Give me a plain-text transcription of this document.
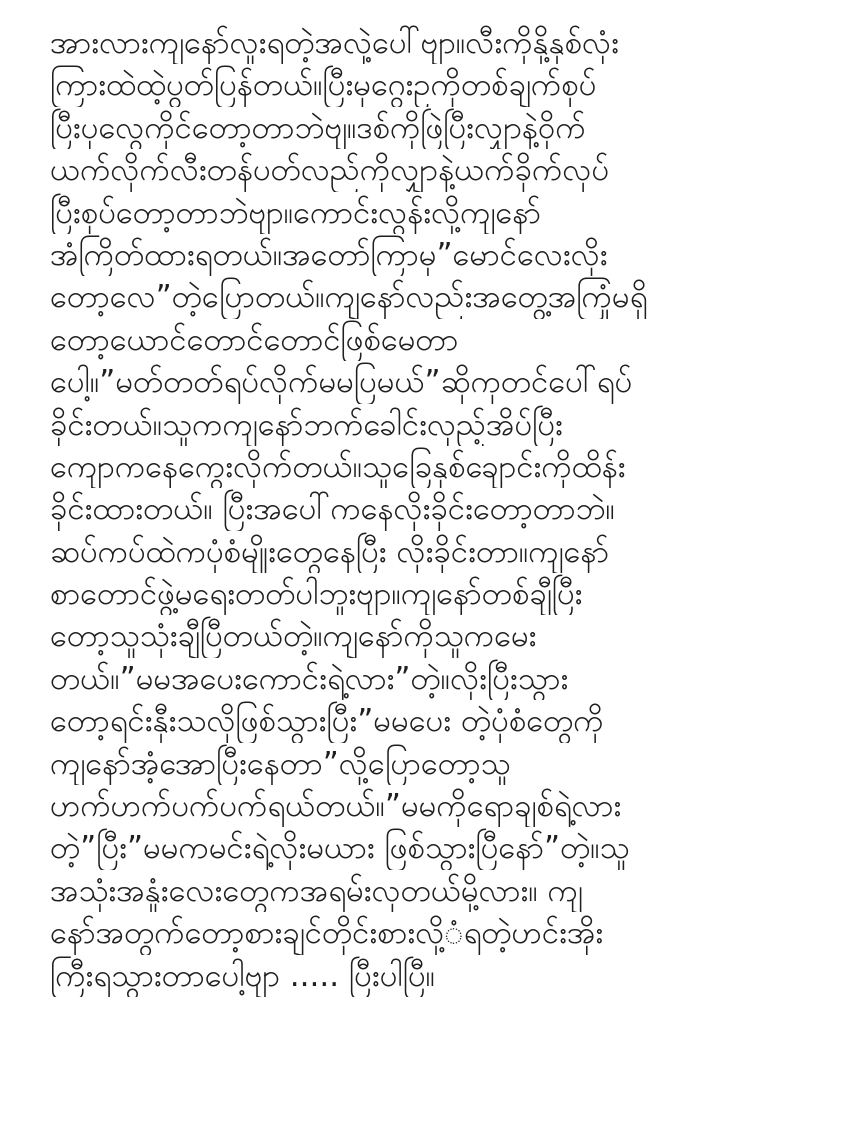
အားလားကျနော်လူးရတဲ့အလှဲ့ပေါ်ဗျာ။လီးကိုနို့နှစ်လုံး
ကြားထဲထဲ့ပွတ်ပြန်တယ်။ပြီးမှဂွေးဥကိုတစ်ချက်စုပ်
ပြီးပုလွေကိုင်တော့တာဘဲဗျ။ဒစ်ကိုဖြဲပြီးလျှာနဲ့ဝိုက်
ယက်လိုက်လီးတန်ပတ်လည်ကိုလျှာနဲ့ယက်ခိုက်လုပ်
ပြီးစုပ်တော့တာဘဲဗျာ။ကောင်းလွန်းလို့ကျနော်
အံကြိတ်ထားရတယ်။အတော်ကြာမှ”မောင်လေးလိုး
တော့လေ”တဲ့ပြောတယ်။ကျနော်လည်းအတွေ့အကြုံမရှိ
တော့ယောင်တောင်တောင်ဖြစ်မေတာ
ပေါ့။”မတ်တတ်ရပ်လိုက်မမပြမယ်”ဆိုကုတင်ပေါ်ရပ်
ခိုင်းတယ်။သူကကျနော်ဘက်ခေါင်းလှည့်အိပ်ပြီး
ကျောကနေကွေးလိုက်တယ်။သူခြေနှစ်ချောင်းကိုထိန်း
ခိုင်းထားတယ်။ ပြီးအပေါ်ကနေလိုးခိုင်းတော့တာဘဲ။
ဆပ်ကပ်ထဲကပုံစံမျိုးတွေနေပြီး လိုးခိုင်းတာ။ကျနော်
စာတောင်ဖွဲ့မရေးတတ်ပါဘူးဗျာ။ကျနော်တစ်ချီပြီး
တော့သူသုံးချီပြီတယ်တဲ့။ကျနော်ကိုသူကမေး
တယ်။”မမအပေးကောင်းရဲ့လား”တဲ့။လိုးပြီးသွား
တော့ရင်းနှီးသလိုဖြစ်သွားပြီး”မမပေး တဲ့ပုံစံတွေကို
ကျနော်အံ့အောပြီးနေတာ”လို့ပြောတော့သူ
ဟက်ဟက်ပက်ပက်ရယ်တယ်။”မမကိုရောချစ်ရဲ့လား
တဲ့”ပြီး”မမကမင်းရဲ့လိုးမယား ဖြစ်သွားပြီနော်”တဲ့။သူ
အသုံးအနှုံးလေးတွေကအရမ်းလှတယ်မို့လား။ ကျ
နော်အတွက်တော့စားချင်တိုင်းစားလို့ံရတဲ့ဟင်းအိုး
ကြီးရသွားတာပေါ့ဗျာ ..... ပြီးပါပြီ။
